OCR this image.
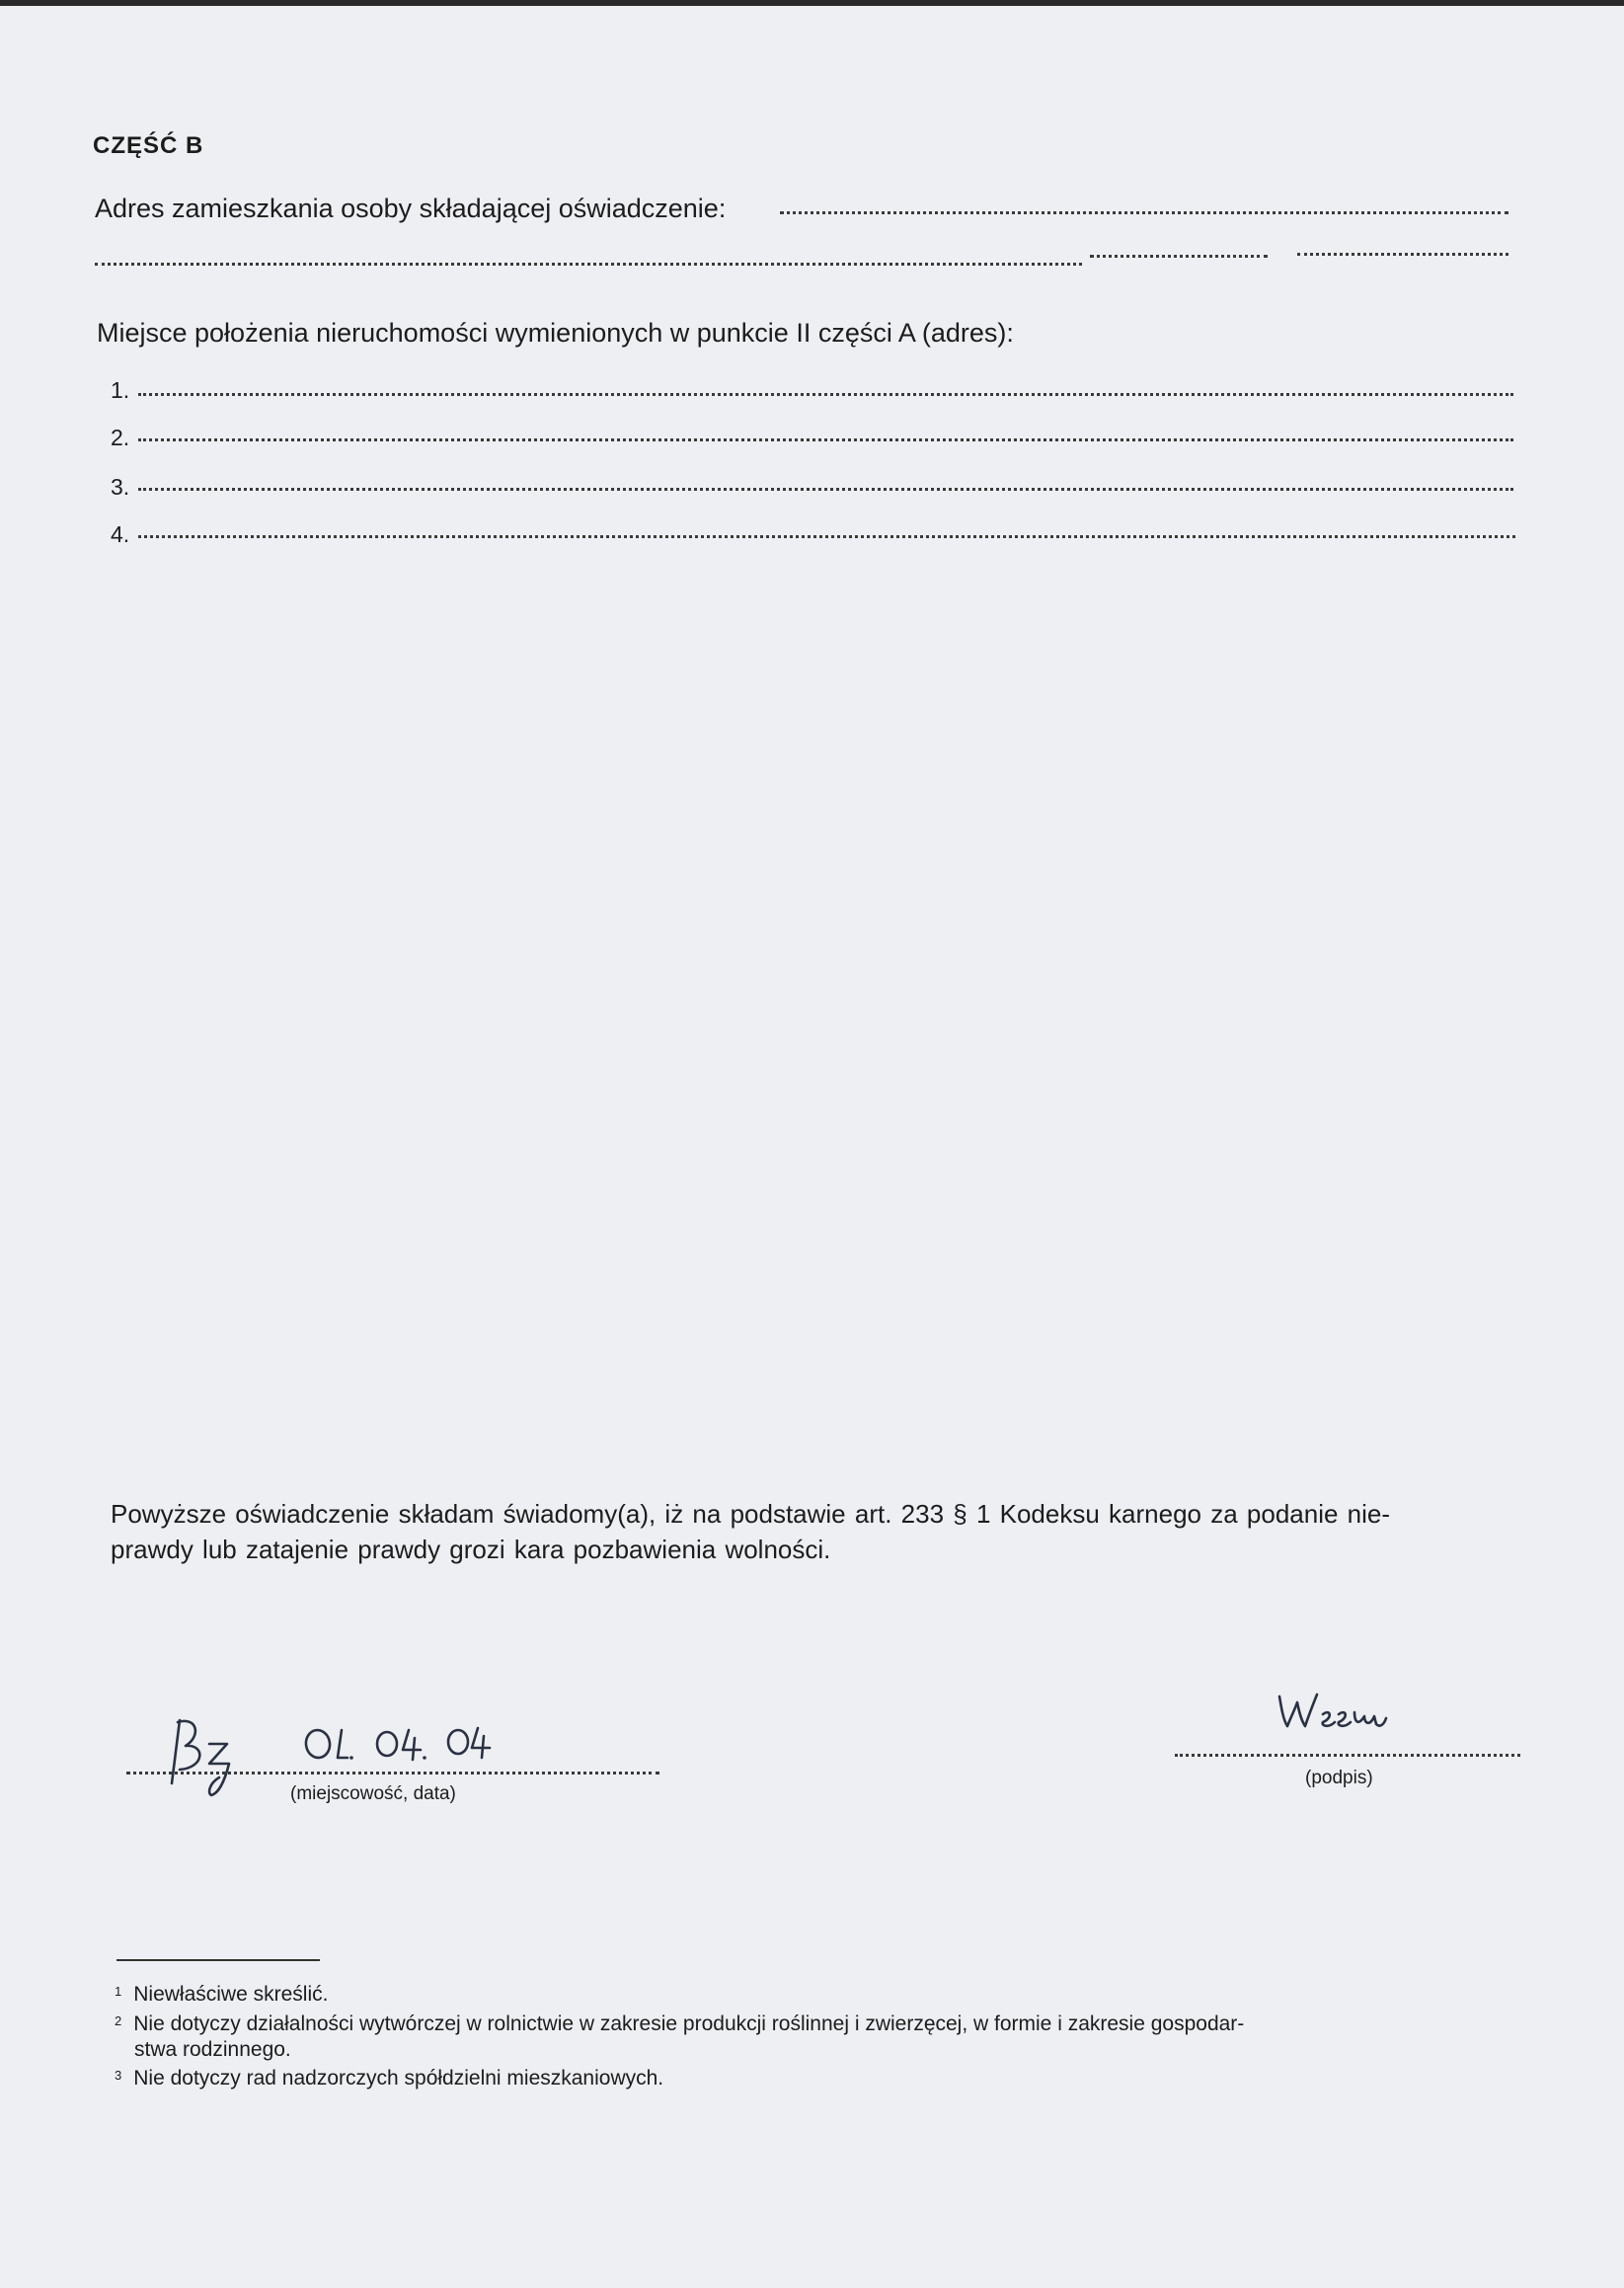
CZĘŚĆ B
Adres zamieszkania osoby składającej oświadczenie:
Miejsce położenia nieruchomości wymienionych w punkcie II części A (adres):
1.
2.
3.
4.
Powyższe oświadczenie składam świadomy(a), iż na podstawie art. 233 § 1 Kodeksu karnego za podanie nie-
prawdy lub zatajenie prawdy grozi kara pozbawienia wolności.
(miejscowość, data)
(podpis)
$^1$ Niewłaściwe skreślić.
$^2$ Nie dotyczy działalności wytwórczej w rolnictwie w zakresie produkcji roślinnej i zwierzęcej, w formie i zakresie gospodar-
stwa rodzinnego.
$^3$ Nie dotyczy rad nadzorczych spółdzielni mieszkaniowych.
